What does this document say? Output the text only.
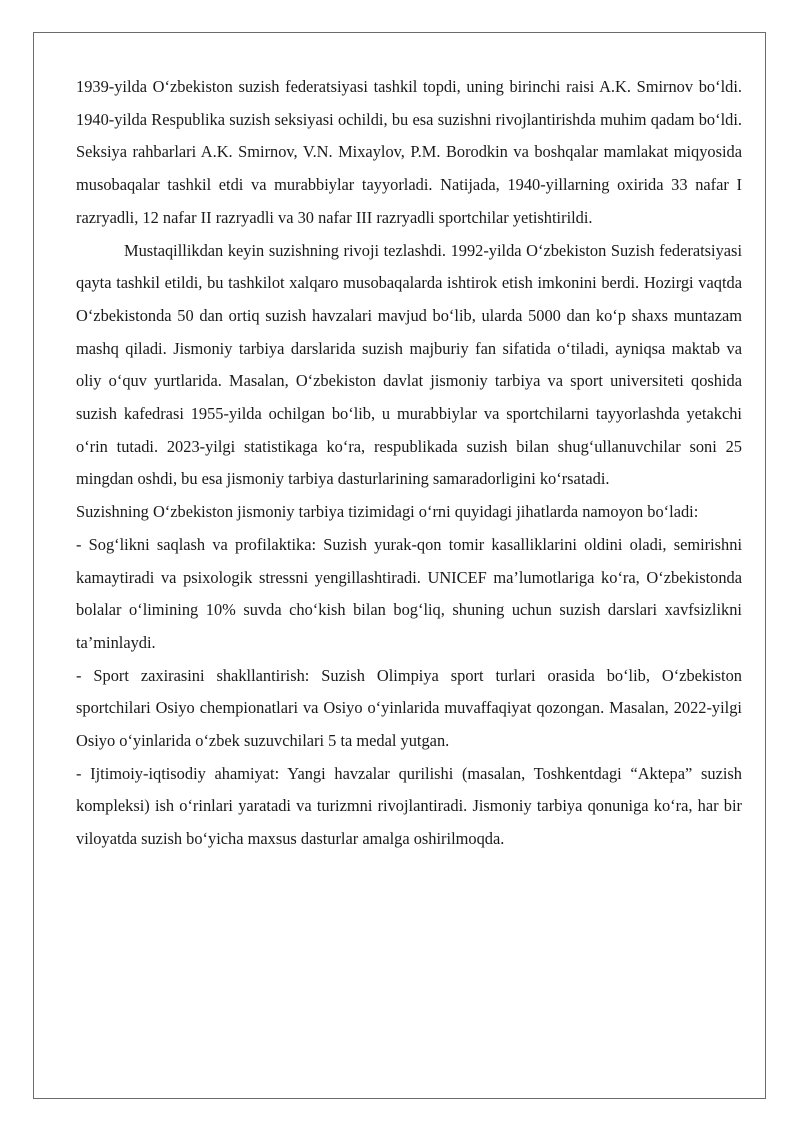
1939-yilda O‘zbekiston suzish federatsiyasi tashkil topdi, uning birinchi raisi A.K. Smirnov bo‘ldi. 1940-yilda Respublika suzish seksiyasi ochildi, bu esa suzishni rivojlantirishda muhim qadam bo‘ldi. Seksiya rahbarlari A.K. Smirnov, V.N. Mixaylov, P.M. Borodkin va boshqalar mamlakat miqyosida musobaqalar tashkil etdi va murabbiylar tayyorladi. Natijada, 1940-yillarning oxirida 33 nafar I razryadli, 12 nafar II razryadli va 30 nafar III razryadli sportchilar yetishtirildi.

Mustaqillikdan keyin suzishning rivoji tezlashdi. 1992-yilda O‘zbekiston Suzish federatsiyasi qayta tashkil etildi, bu tashkilot xalqaro musobaqalarda ishtirok etish imkonini berdi. Hozirgi vaqtda O‘zbekistonda 50 dan ortiq suzish havzalari mavjud bo‘lib, ularda 5000 dan ko‘p shaxs muntazam mashq qiladi. Jismoniy tarbiya darslarida suzish majburiy fan sifatida o‘tiladi, ayniqsa maktab va oliy o‘quv yurtlarida. Masalan, O‘zbekiston davlat jismoniy tarbiya va sport universiteti qoshida suzish kafedrasi 1955-yilda ochilgan bo‘lib, u murabbiylar va sportchilarni tayyorlashda yetakchi o‘rin tutadi. 2023-yilgi statistikaga ko‘ra, respublikada suzish bilan shug‘ullanuvchilar soni 25 mingdan oshdi, bu esa jismoniy tarbiya dasturlarining samaradorligini ko‘rsatadi.

Suzishning O‘zbekiston jismoniy tarbiya tizimidagi o‘rni quyidagi jihatlarda namoyon bo‘ladi:

- Sog‘likni saqlash va profilaktika: Suzish yurak-qon tomir kasalliklarini oldini oladi, semirishni kamaytiradi va psixologik stressni yengillashtiradi. UNICEF ma’lumotlariga ko‘ra, O‘zbekistonda bolalar o‘limining 10% suvda cho‘kish bilan bog‘liq, shuning uchun suzish darslari xavfsizlikni ta’minlaydi.

- Sport zaxirasini shakllantirish: Suzish Olimpiya sport turlari orasida bo‘lib, O‘zbekiston sportchilari Osiyo chempionatlari va Osiyo o‘yinlarida muvaffaqiyat qozongan. Masalan, 2022-yilgi Osiyo o‘yinlarida o‘zbek suzuvchilari 5 ta medal yutgan.

- Ijtimoiy-iqtisodiy ahamiyat: Yangi havzalar qurilishi (masalan, Toshkentdagi “Aktepa” suzish kompleksi) ish o‘rinlari yaratadi va turizmni rivojlantiradi. Jismoniy tarbiya qonuniga ko‘ra, har bir viloyatda suzish bo‘yicha maxsus dasturlar amalga oshirilmoqda.
